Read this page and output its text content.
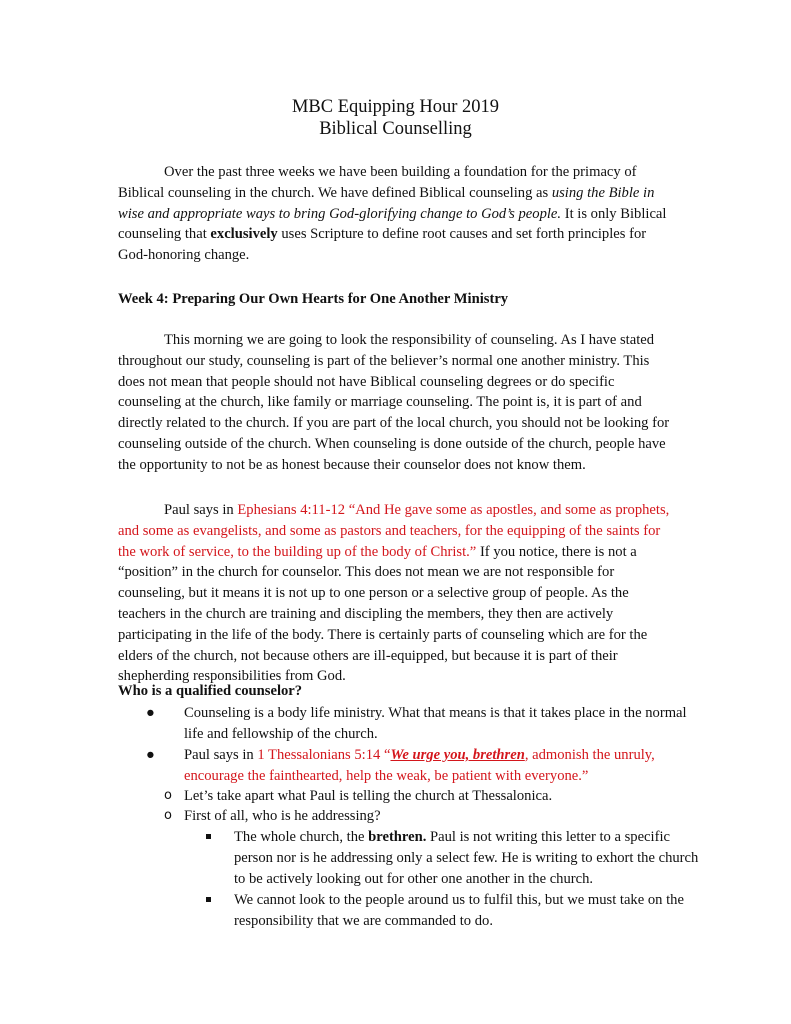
MBC Equipping Hour 2019
Biblical Counselling

Over the past three weeks we have been building a foundation for the primacy of Biblical counseling in the church. We have defined Biblical counseling as using the Bible in wise and appropriate ways to bring God-glorifying change to God’s people. It is only Biblical counseling that exclusively uses Scripture to define root causes and set forth principles for God-honoring change.

Week 4: Preparing Our Own Hearts for One Another Ministry

This morning we are going to look the responsibility of counseling. As I have stated throughout our study, counseling is part of the believer’s normal one another ministry. This does not mean that people should not have Biblical counseling degrees or do specific counseling at the church, like family or marriage counseling. The point is, it is part of and directly related to the church. If you are part of the local church, you should not be looking for counseling outside of the church. When counseling is done outside of the church, people have the opportunity to not be as honest because their counselor does not know them.

Paul says in Ephesians 4:11-12 “And He gave some as apostles, and some as prophets, and some as evangelists, and some as pastors and teachers, for the equipping of the saints for the work of service, to the building up of the body of Christ.” If you notice, there is not a “position” in the church for counselor. This does not mean we are not responsible for counseling, but it means it is not up to one person or a selective group of people. As the teachers in the church are training and discipling the members, they then are actively participating in the life of the body. There is certainly parts of counseling which are for the elders of the church, not because others are ill-equipped, but because it is part of their shepherding responsibilities from God.

Who is a qualified counselor?
● Counseling is a body life ministry. What that means is that it takes place in the normal life and fellowship of the church.
● Paul says in 1 Thessalonians 5:14 “We urge you, brethren, admonish the unruly, encourage the fainthearted, help the weak, be patient with everyone.”
o Let’s take apart what Paul is telling the church at Thessalonica.
o First of all, who is he addressing?
The whole church, the brethren. Paul is not writing this letter to a specific person nor is he addressing only a select few. He is writing to exhort the church to be actively looking out for other one another in the church.
We cannot look to the people around us to fulfil this, but we must take on the responsibility that we are commanded to do.
